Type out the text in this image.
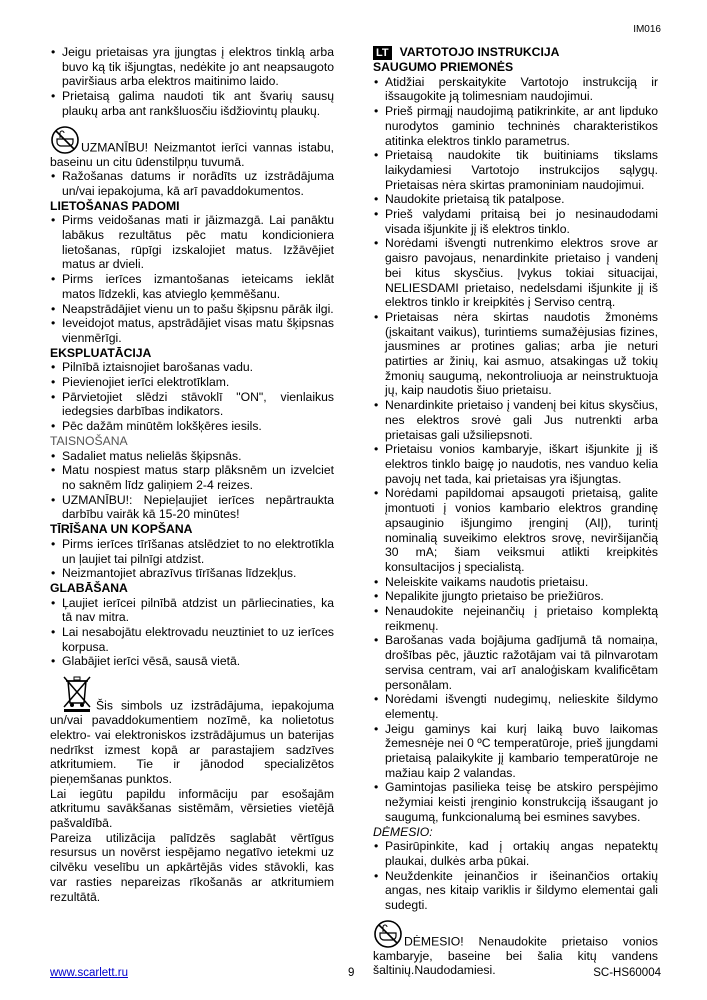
IM016
• Jeigu prietaisas yra įjungtas į elektros tinklą arba buvo ką tik išjungtas, nedėkite jo ant neapsaugoto paviršiaus arba elektros maitinimo laido.
• Prietaisą galima naudoti tik ant švarių sausų plaukų arba ant rankšluosčiu išdžiovintų plaukų.
UZMANĪBU! Neizmantot ierīci vannas istabu, baseinu un citu ūdenstilpņu tuvumā.
• Ražošanas datums ir norādīts uz izstrādājuma un/vai iepakojuma, kā arī pavaddokumentos.
LIETOŠANAS PADOMI
• Pirms veidošanas mati ir jāizmazgā. Lai panāktu labākus rezultātus pēc matu kondicioniera lietošanas, rūpīgi izskalojiet matus. Izžāvējiet matus ar dvieli.
• Pirms ierīces izmantošanas ieteicams ieklāt matos līdzekli, kas atvieglo ķemmēšanu.
• Neapstrādājiet vienu un to pašu šķipsnu pārāk ilgi.
• Ieveidojot matus, apstrādājiet visas matu šķipsnas vienmērīgi.
EKSPLUATĀCIJA
• Pilnībā iztaisnojiet barošanas vadu.
• Pievienojiet ierīci elektrotīklam.
• Pārvietojiet slēdzi stāvoklī "ON", vienlaikus iedegsies darbības indikators.
• Pēc dažām minūtēm lokšķēres iesils.
TAISNOŠANA
• Sadaliet matus nelielās šķipsnās.
• Matu nospiest matus starp plāksnēm un izvelciet no saknēm līdz galiņiem 2-4 reizes.
• UZMANĪBU!: Nepieļaujiet ierīces nepārtraukta darbību vairāk kā 15-20 minūtes!
TĪRĪŠANA UN KOPŠANA
• Pirms ierīces tīrīšanas atslēdziet to no elektrotīkla un ļaujiet tai pilnīgi atdzist.
• Neizmantojiet abrazīvus tīrīšanas līdzekļus.
GLABĀŠANA
• Ļaujiet ierīcei pilnībā atdzist un pārliecinaties, ka tā nav mitra.
• Lai nesabojātu elektrovadu neuztiniet to uz ierīces korpusa.
• Glabājiet ierīci vēsā, sausā vietā.
Šis simbols uz izstrādājuma, iepakojuma un/vai pavaddokumentiem nozīmē, ka nolietotus elektro- vai elektroniskos izstrādājumus un baterijas nedrīkst izmest kopā ar parastajiem sadzīves atkritumiem. Tie ir jānodod specializētos pieņemšanas punktos.
Lai iegūtu papildu informāciju par esošajām atkritumu savākšanas sistēmām, vērsieties vietējā pašvaldībā.
Pareiza utilizācija palīdzēs saglabāt vērtīgus resursus un novērst iespējamo negatīvo ietekmi uz cilvēku veselību un apkārtējās vides stāvokli, kas var rasties nepareizas rīkošanās ar atkritumiem rezultātā.
LT VARTOTOJO INSTRUKCIJA
SAUGUMO PRIEMONĖS
• Atidžiai perskaitykite Vartotojo instrukciją ir išsaugokite ją tolimesniam naudojimui.
• Prieš pirmąjį naudojimą patikrinkite, ar ant lipduko nurodytos gaminio techninės charakteristikos atitinka elektros tinklo parametrus.
• Prietaisą naudokite tik buitiniams tikslams laikydamiesi Vartotojo instrukcijos sąlygų. Prietaisas nėra skirtas pramoniniam naudojimui.
• Naudokite prietaisą tik patalpose.
• Prieš valydami pritaisą bei jo nesinaudodami visada išjunkite jį iš elektros tinklo.
• Norėdami išvengti nutrenkimo elektros srove ar gaisro pavojaus, nenardinkite prietaiso į vandenį bei kitus skysčius. Įvykus tokiai situacijai, NELIESDAMI prietaiso, nedelsdami išjunkite jį iš elektros tinklo ir kreipkitės į Serviso centrą.
• Prietaisas nėra skirtas naudotis žmonėms (įskaitant vaikus), turintiems sumažėjusias fizines, jausmines ar protines galias; arba jie neturi patirties ar žinių, kai asmuo, atsakingas už tokių žmonių saugumą, nekontroliuoja ar neinstruktuoja jų, kaip naudotis šiuo prietaisu.
• Nenardinkite prietaiso į vandenį bei kitus skysčius, nes elektros srovė gali Jus nutrenkti arba prietaisas gali užsiliepsnoti.
• Prietaisu vonios kambaryje, iškart išjunkite jį iš elektros tinklo baigę jo naudotis, nes vanduo kelia pavojų net tada, kai prietaisas yra išjungtas.
• Norėdami papildomai apsaugoti prietaisą, galite įmontuoti į vonios kambario elektros grandinę apsauginio išjungimo įrenginį (AIĮ), turintį nominalią suveikimo elektros srovę, neviršijančią 30 mA; šiam veiksmui atlikti kreipkitės konsultacijos į specialistą.
• Neleiskite vaikams naudotis prietaisu.
• Nepalikite įjungto prietaiso be priežiūros.
• Nenaudokite nejeinančių į prietaiso komplektą reikmenų.
• Barošanas vada bojājuma gadījumā tā nomaiņa, drošības pēc, jāuztic ražotājam vai tā pilnvarotam servisa centram, vai arī analoģiskam kvalificētam personālam.
• Norėdami išvengti nudegimų, nelieskite šildymo elementų.
• Jeigu gaminys kai kurį laiką buvo laikomas žemesnėje nei 0 ºC temperatūroje, prieš įjungdami prietaisą palaikykite jį kambario temperatūroje ne mažiau kaip 2 valandas.
• Gamintojas pasilieka teisę be atskiro perspėjimo nežymiai keisti įrenginio konstrukciją išsaugant jo saugumą, funkcionalumą bei esmines savybes.
DĖMESIO:
• Pasirūpinkite, kad į ortakių angas nepatektų plaukai, dulkės arba pūkai.
• Neuždenkite įeinančios ir išeinančios ortakių angas, nes kitaip variklis ir šildymo elementai gali sudegti.
DĖMESIO! Nenaudokite prietaiso vonios kambaryje, baseine bei šalia kitų vandens šaltinių.Naudodamiesi.
www.scarlett.ru	9	SC-HS60004
